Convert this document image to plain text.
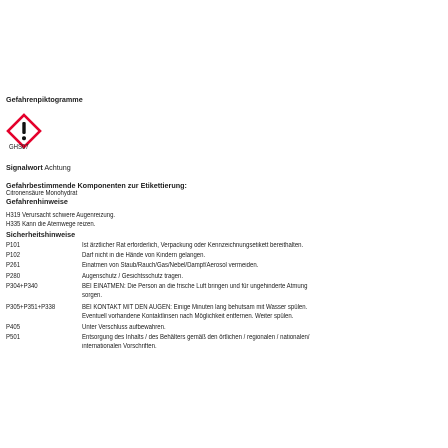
Gefahrenpiktogramme
GHS07
Signalwort Achtung
Gefahrbestimmende Komponenten zur Etikettierung:
Citronensäure Monohydrat
Gefahrenhinweise
H319 Verursacht schwere Augenreizung.
H335 Kann die Atemwege reizen.
Sicherheitshinweise
P101	Ist ärztlicher Rat erforderlich, Verpackung oder Kennzeichnungsetikett bereithalten.
P102	Darf nicht in die Hände von Kindern gelangen.
P261	Einatmen von Staub/Rauch/Gas/Nebel/Dampf/Aerosol vermeiden.
P280	Augenschutz / Gesichtsschutz tragen.
P304+P340	BEI EINATMEN: Die Person an die frische Luft bringen und für ungehinderte Atmung
sorgen.
P305+P351+P338	BEI KONTAKT MIT DEN AUGEN: Einige Minuten lang behutsam mit Wasser spülen.
Eventuell vorhandene Kontaktlinsen nach Möglichkeit entfernen. Weiter spülen.
P405	Unter Verschluss aufbewahren.
P501	Entsorgung des Inhalts / des Behälters gemäß den örtlichen / regionalen / nationalen/
internationalen Vorschriften.
